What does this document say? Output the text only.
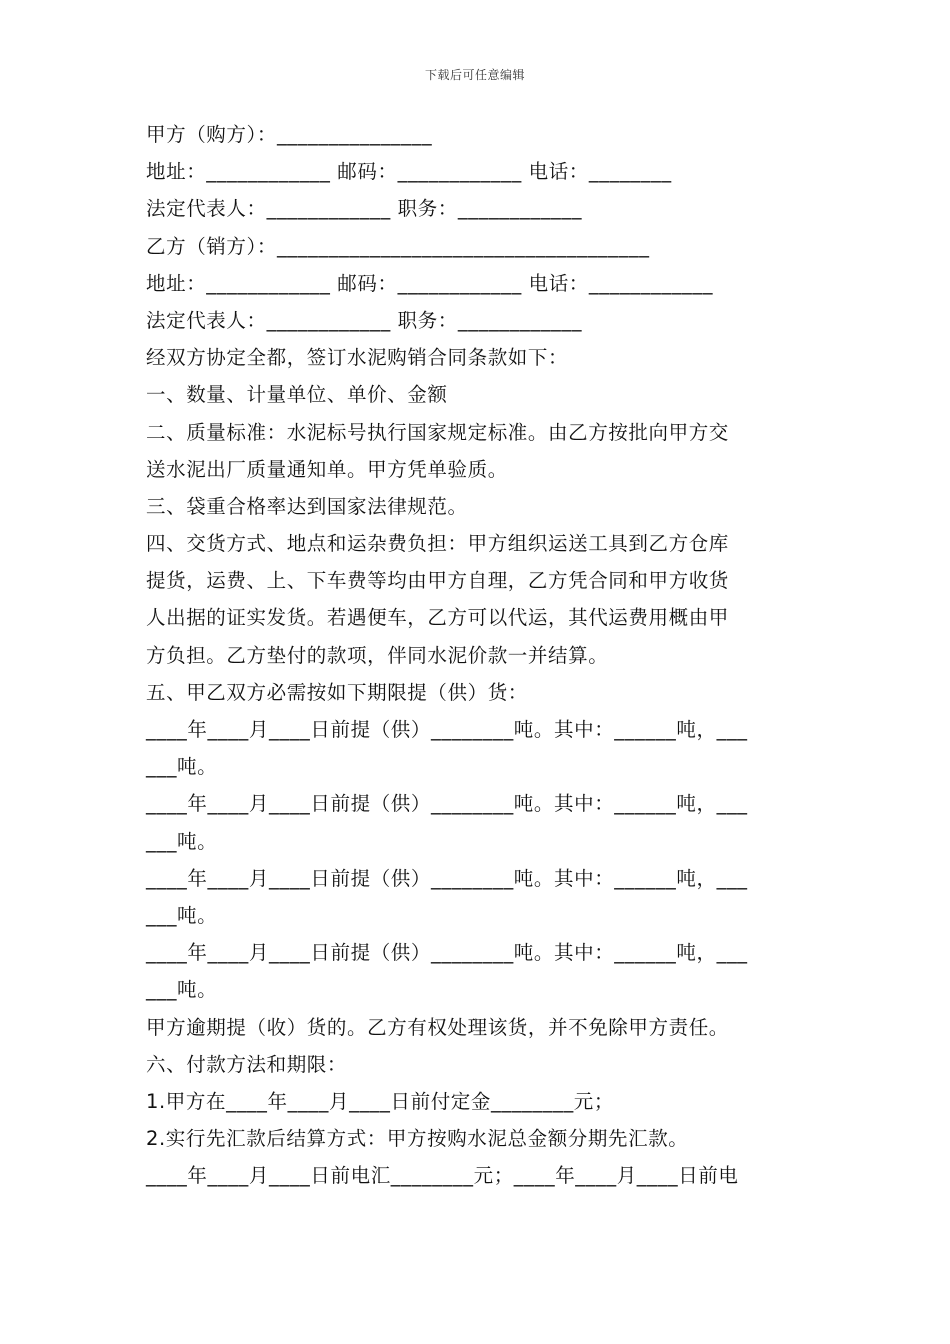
下载后可任意编辑
甲方（购方）：_______________
地址：____________ 邮码：____________ 电话：________
法定代表人：____________ 职务：____________
乙方（销方）：____________________________________
地址：____________ 邮码：____________ 电话：____________
法定代表人：____________ 职务：____________
经双方协定全都，签订水泥购销合同条款如下：
一、数量、计量单位、单价、金额
二、质量标准：水泥标号执行国家规定标准。由乙方按批向甲方交
送水泥出厂质量通知单。甲方凭单验质。
三、袋重合格率达到国家法律规范。
四、交货方式、地点和运杂费负担：甲方组织运送工具到乙方仓库
提货，运费、上、下车费等均由甲方自理，乙方凭合同和甲方收货
人出据的证实发货。若遇便车，乙方可以代运，其代运费用概由甲
方负担。乙方垫付的款项，伴同水泥价款一并结算。
五、甲乙双方必需按如下期限提（供）货：
____年____月____日前提（供）________吨。其中：______吨，___
___吨。
____年____月____日前提（供）________吨。其中：______吨，___
___吨。
____年____月____日前提（供）________吨。其中：______吨，___
___吨。
____年____月____日前提（供）________吨。其中：______吨，___
___吨。
甲方逾期提（收）货的。乙方有权处理该货，并不免除甲方责任。
六、付款方法和期限：
1.甲方在____年____月____日前付定金________元；
2.实行先汇款后结算方式：甲方按购水泥总金额分期先汇款。
____年____月____日前电汇________元；____年____月____日前电
